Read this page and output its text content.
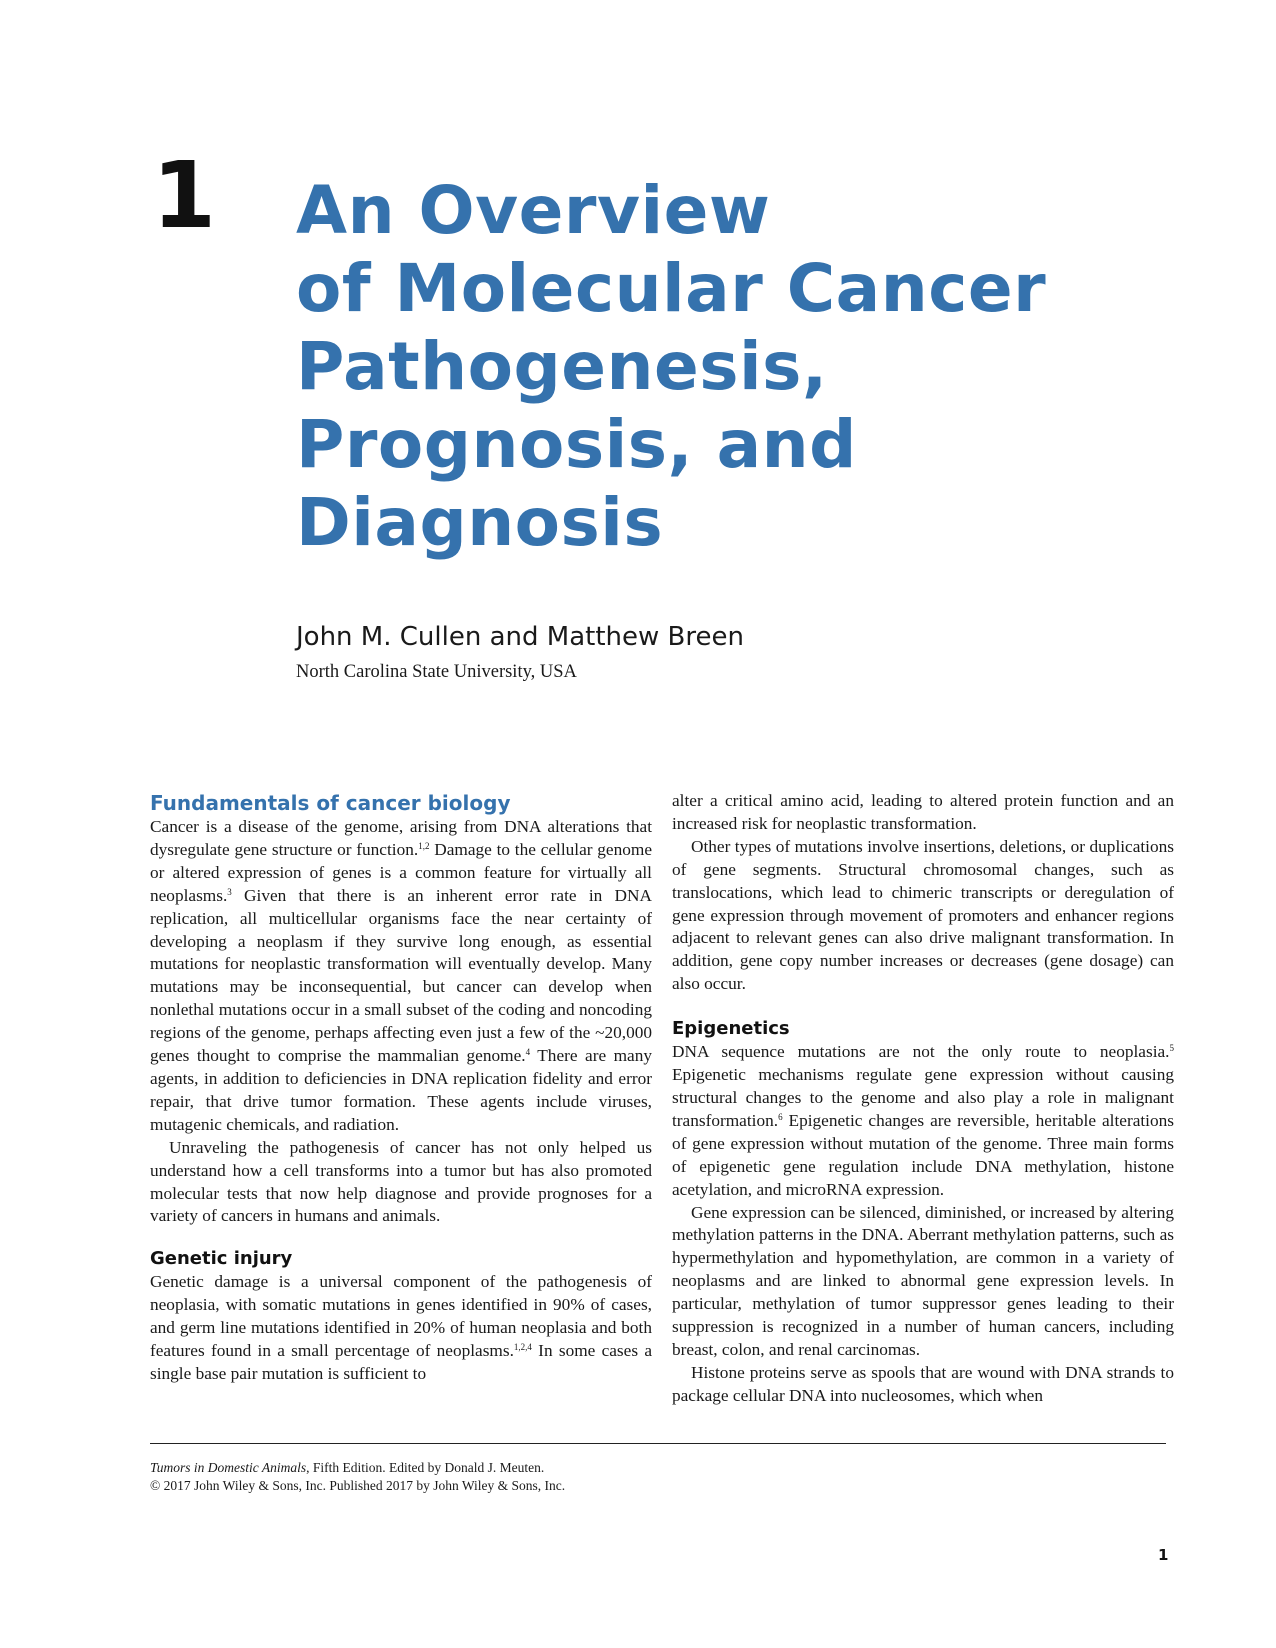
1 An Overview
of Molecular Cancer
Pathogenesis,
Prognosis, and
Diagnosis
John M. Cullen and Matthew Breen
North Carolina State University, USA
Fundamentals of cancer biology

Cancer is a disease of the genome, arising from DNA alterations that dysregulate gene structure or function.$^{1,2}$ Damage to the cellular genome or altered expression of genes is a common feature for virtually all neoplasms.$^3$ Given that there is an inherent error rate in DNA replication, all multicellular organisms face the near certainty of developing a neoplasm if they survive long enough, as essential mutations for neoplastic transformation will eventually develop. Many mutations may be inconsequential, but cancer can develop when nonlethal mutations occur in a small subset of the coding and noncoding regions of the genome, perhaps affecting even just a few of the ~20,000 genes thought to comprise the mammalian genome.$^4$ There are many agents, in addition to deficiencies in DNA replication fidelity and error repair, that drive tumor formation. These agents include viruses, mutagenic chemicals, and radiation.

Unraveling the pathogenesis of cancer has not only helped us understand how a cell transforms into a tumor but has also promoted molecular tests that now help diagnose and provide prognoses for a variety of cancers in humans and animals.

Genetic injury

Genetic damage is a universal component of the pathogenesis of neoplasia, with somatic mutations in genes identified in 90% of cases, and germ line mutations identified in 20% of human neoplasia and both features found in a small percentage of neoplasms.$^{1,2,4}$ In some cases a single base pair mutation is sufficient to

alter a critical amino acid, leading to altered protein function and an increased risk for neoplastic transformation.

Other types of mutations involve insertions, deletions, or duplications of gene segments. Structural chromosomal changes, such as translocations, which lead to chimeric transcripts or deregulation of gene expression through movement of promoters and enhancer regions adjacent to relevant genes can also drive malignant transformation. In addition, gene copy number increases or decreases (gene dosage) can also occur.

Epigenetics

DNA sequence mutations are not the only route to neoplasia.$^5$ Epigenetic mechanisms regulate gene expression without causing structural changes to the genome and also play a role in malignant transformation.$^6$ Epigenetic changes are reversible, heritable alterations of gene expression without mutation of the genome. Three main forms of epigenetic gene regulation include DNA methylation, histone acetylation, and microRNA expression.

Gene expression can be silenced, diminished, or increased by altering methylation patterns in the DNA. Aberrant methylation patterns, such as hypermethylation and hypomethylation, are common in a variety of neoplasms and are linked to abnormal gene expression levels. In particular, methylation of tumor suppressor genes leading to their suppression is recognized in a number of human cancers, including breast, colon, and renal carcinomas.

Histone proteins serve as spools that are wound with DNA strands to package cellular DNA into nucleosomes, which when

Tumors in Domestic Animals, Fifth Edition. Edited by Donald J. Meuten.
© 2017 John Wiley & Sons, Inc. Published 2017 by John Wiley & Sons, Inc.
1
